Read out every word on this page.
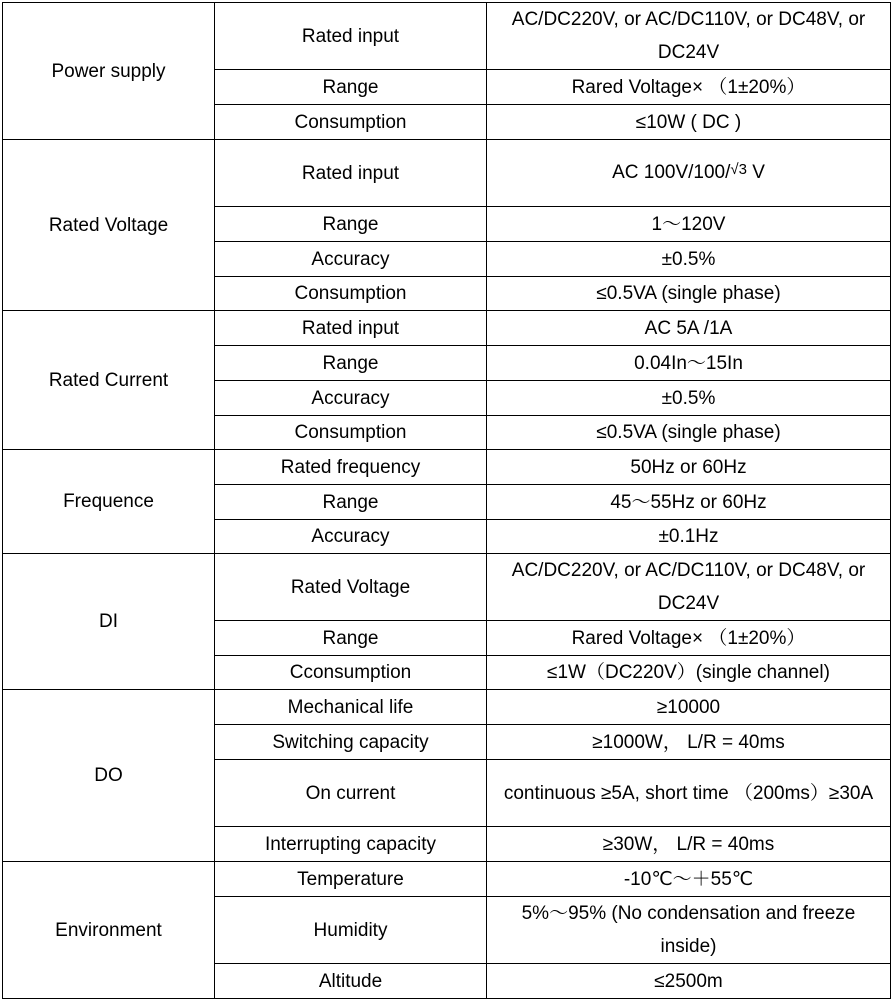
Power supply	Rated input	AC/DC220V, or AC/DC110V, or DC48V, or DC24V
	Range	Rared Voltage× （1±20%）
	Consumption	≤10W ( DC )
Rated Voltage	Rated input	AC 100V/100/$^{√3}$ V
	Range	1～120V
	Accuracy	±0.5%
	Consumption	≤0.5VA (single phase)
Rated Current	Rated input	AC 5A /1A
	Range	0.04In～15In
	Accuracy	±0.5%
	Consumption	≤0.5VA (single phase)
Frequence	Rated frequency	50Hz or 60Hz
	Range	45～55Hz or 60Hz
	Accuracy	±0.1Hz
DI	Rated Voltage	AC/DC220V, or AC/DC110V, or DC48V, or DC24V
	Range	Rared Voltage× （1±20%）
	Cconsumption	≤1W（DC220V）(single channel)
DO	Mechanical life	≥10000
	Switching capacity	≥1000W， L/R = 40ms
	On current	continuous ≥5A, short time （200ms）≥30A
	Interrupting capacity	≥30W， L/R = 40ms
Environment	Temperature	-10℃～＋55℃
	Humidity	5%～95% (No condensation and freeze inside)
	Altitude	≤2500m
